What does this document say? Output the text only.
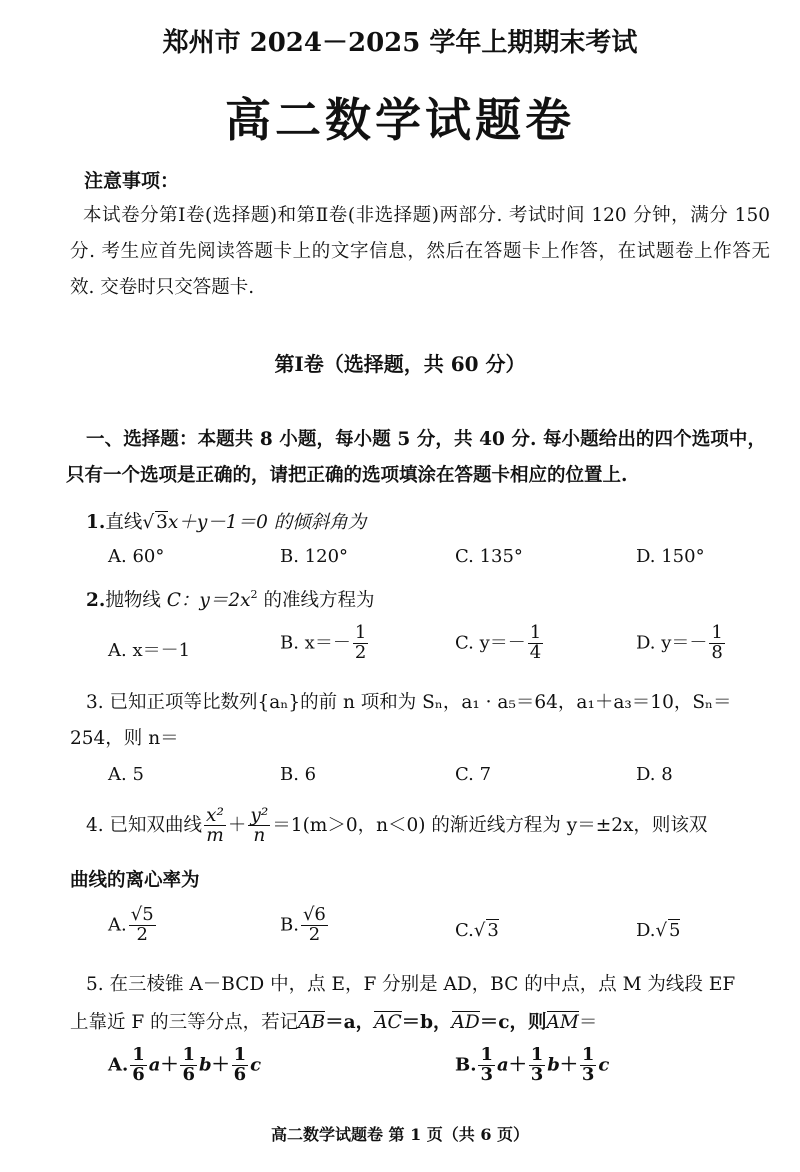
郑州市 2024－2025 学年上期期末考试
高二数学试题卷
注意事项：
本试卷分第Ⅰ卷(选择题)和第Ⅱ卷(非选择题)两部分. 考试时间 120 分钟，满分 150 分. 考生应首先阅读答题卡上的文字信息，然后在答题卡上作答，在试题卷上作答无效. 交卷时只交答题卡.
第Ⅰ卷（选择题，共 60 分）
一、选择题：本题共 8 小题，每小题 5 分，共 40 分. 每小题给出的四个选项中，只有一个选项是正确的，请把正确的选项填涂在答题卡相应的位置上.
1.直线√ 3x＋y－1＝0 的倾斜角为
A. 60°	B. 120°	C. 135°	D. 150°
2.抛物线 C：$y=2x^2$ 的准线方程为
A. x＝－1	B. $x=- \frac{1}{2}$	C. $y=- \frac{1}{4}$	D. $y=- \frac{1}{8}$
3. 已知正项等比数列{aₙ}的前 n 项和为 Sₙ，a₁ · a₅＝64，a₁＋a₃＝10，Sₙ＝
254，则 n＝
A. 5	B. 6	C. 7	D. 8
4. 已知双曲线 $\frac{\text{x²}}{m} + \frac{\text{y²}}{n} =1(m>0$，n＜0) 的渐近线方程为 y＝±2x，则该双
曲线的离心率为
A. $\frac{√5}{2}$	B. $\frac{√6}{2}$	C.√ 3	D.√ 5
5. 在三棱锥 A－BCD 中，点 E，F 分别是 AD，BC 的中点，点 M 为线段 EF
上靠近 F 的三等分点，若记AB＝a，AC＝b，AD＝c，则AM＝
A. $\frac{1}{6} a+ \frac{1}{6} b+ \frac{1}{6}$ c	B. $\frac{1}{3} a+ \frac{1}{3} b+ \frac{1}{3}$ c
高二数学试题卷 第 1 页（共 6 页）
